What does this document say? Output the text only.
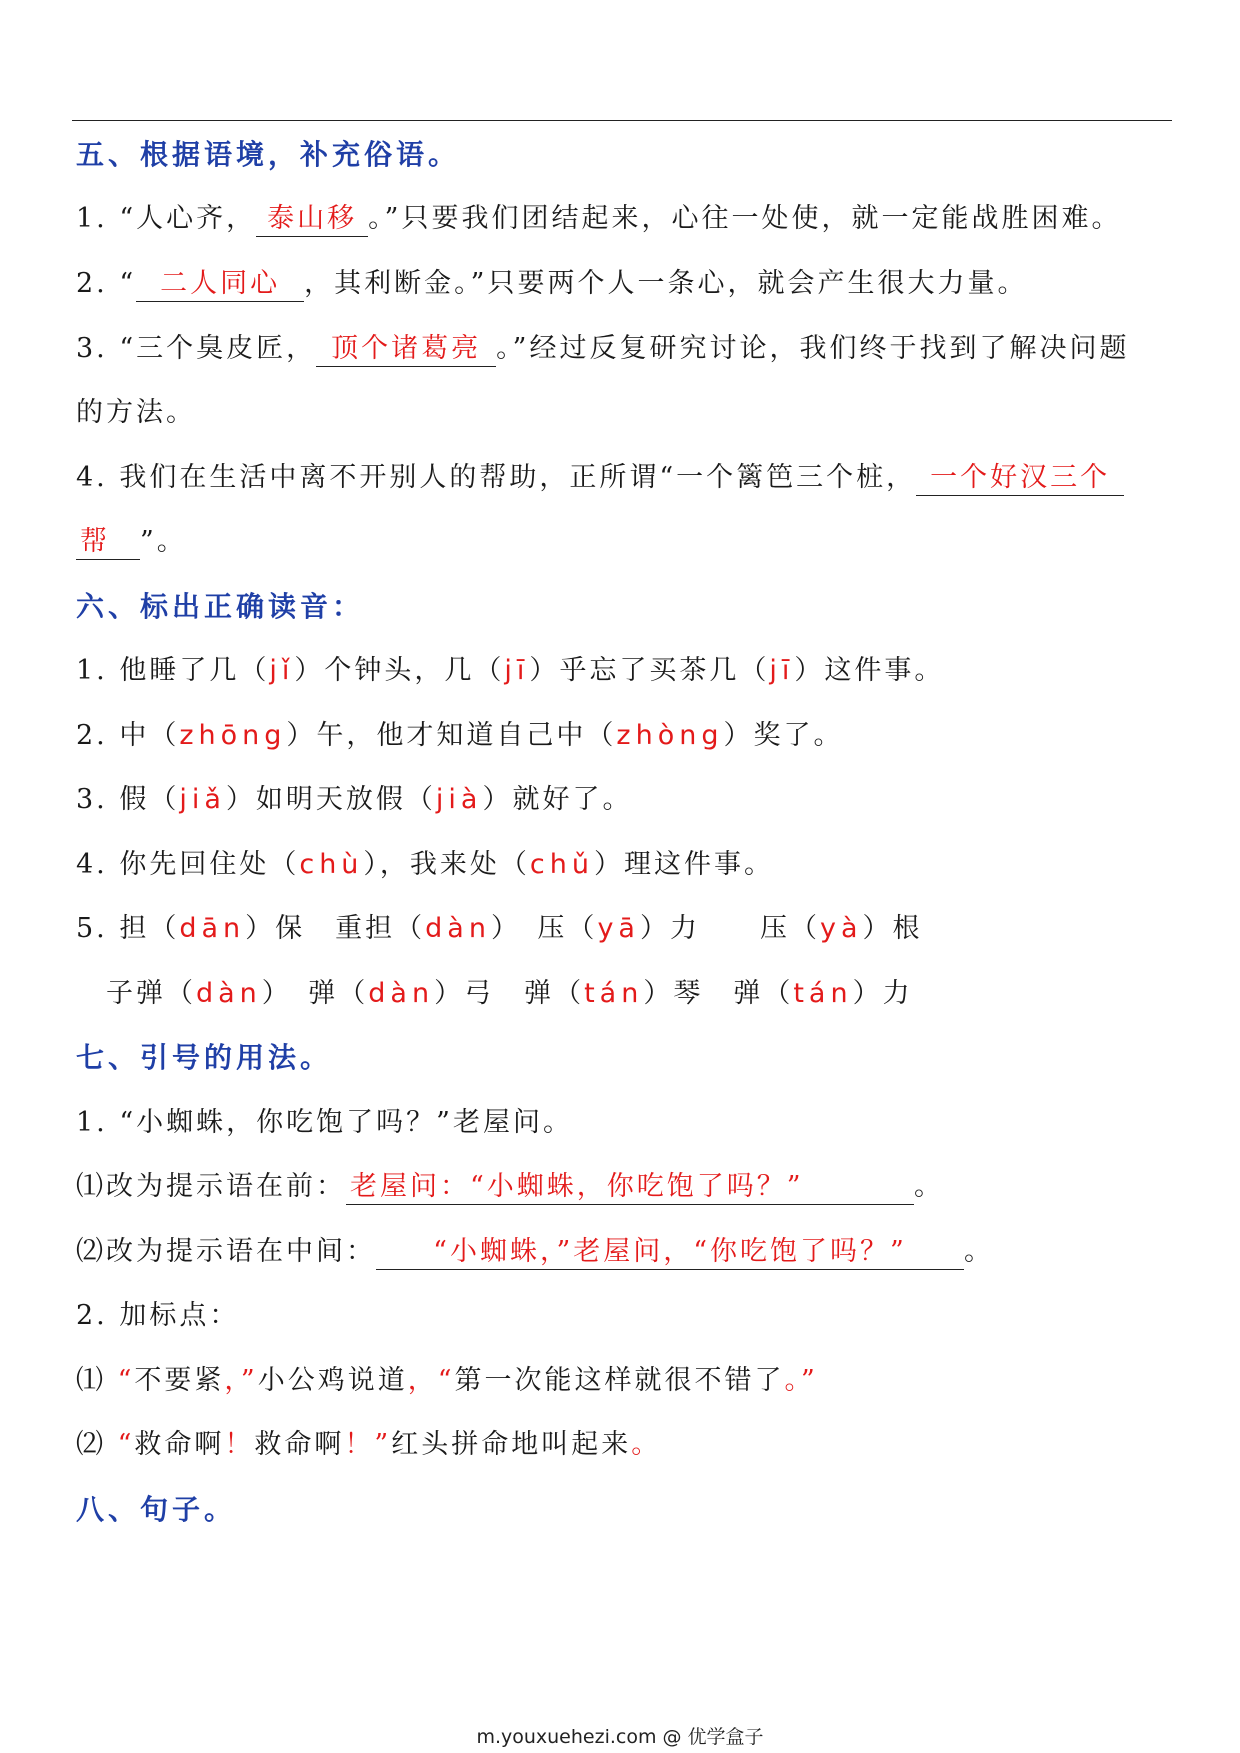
五、根据语境，补充俗语。
1. “人心齐， 泰山移 。”只要我们团结起来，心往一处使，就一定能战胜困难。
2. “ 二人同心 ，其利断金。”只要两个人一条心，就会产生很大力量。
3. “三个臭皮匠， 顶个诸葛亮 。”经过反复研究讨论，我们终于找到了解决问题
的方法。
4. 我们在生活中离不开别人的帮助，正所谓“一个篱笆三个桩， 一个好汉三个
帮 ”。
六、标出正确读音：
1. 他睡了几（jǐ）个钟头，几（jī）乎忘了买茶几（jī）这件事。
2. 中（zhōng）午，他才知道自己中（zhòng）奖了。
3. 假（jiǎ）如明天放假（jià）就好了。
4. 你先回住处（chù），我来处（chǔ）理这件事。
5. 担（dān）保　重担（dàn）　压（yā）力　　压（yà）根
子弹（dàn）　弹（dàn）弓　弹（tán）琴　弹（tán）力
七、引号的用法。
1. “小蜘蛛，你吃饱了吗？”老屋问。
⑴改为提示语在前： 老屋问：“小蜘蛛，你吃饱了吗？”	。
⑵改为提示语在中间： “小蜘蛛，”老屋问，“你吃饱了吗？” 。
2. 加标点：
⑴ “不要紧，”小公鸡说道，“第一次能这样就很不错了。”
⑵ “救命啊！救命啊！”红头拼命地叫起来。
八、句子。
m.youxuehezi.com @ 优学盒子
